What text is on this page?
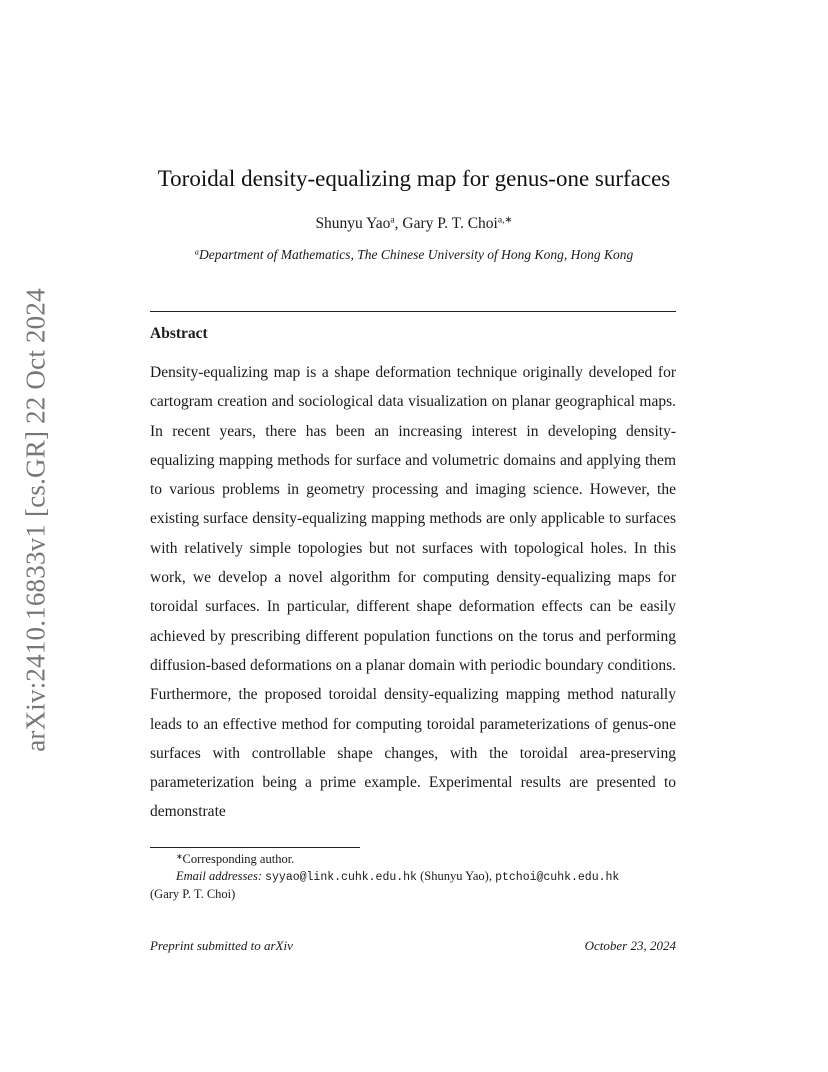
arXiv:2410.16833v1 [cs.GR] 22 Oct 2024
Toroidal density-equalizing map for genus-one surfaces
Shunyu Yao$^a$, Gary P. T. Choi$^{a,∗}$
$^a$Department of Mathematics, The Chinese University of Hong Kong, Hong Kong
Abstract

Density-equalizing map is a shape deformation technique originally developed for cartogram creation and sociological data visualization on planar geographical maps. In recent years, there has been an increasing interest in developing density-equalizing mapping methods for surface and volumetric domains and applying them to various problems in geometry processing and imaging science. However, the existing surface density-equalizing mapping methods are only applicable to surfaces with relatively simple topologies but not surfaces with topological holes. In this work, we develop a novel algorithm for computing density-equalizing maps for toroidal surfaces. In particular, different shape deformation effects can be easily achieved by prescribing different population functions on the torus and performing diffusion-based deformations on a planar domain with periodic boundary conditions. Furthermore, the proposed toroidal density-equalizing mapping method naturally leads to an effective method for computing toroidal parameterizations of genus-one surfaces with controllable shape changes, with the toroidal area-preserving parameterization being a prime example. Experimental results are presented to demonstrate

∗Corresponding author.
Email addresses: syyao@link.cuhk.edu.hk (Shunyu Yao), ptchoi@cuhk.edu.hk
(Gary P. T. Choi)
Preprint submitted to arXiv	October 23, 2024
